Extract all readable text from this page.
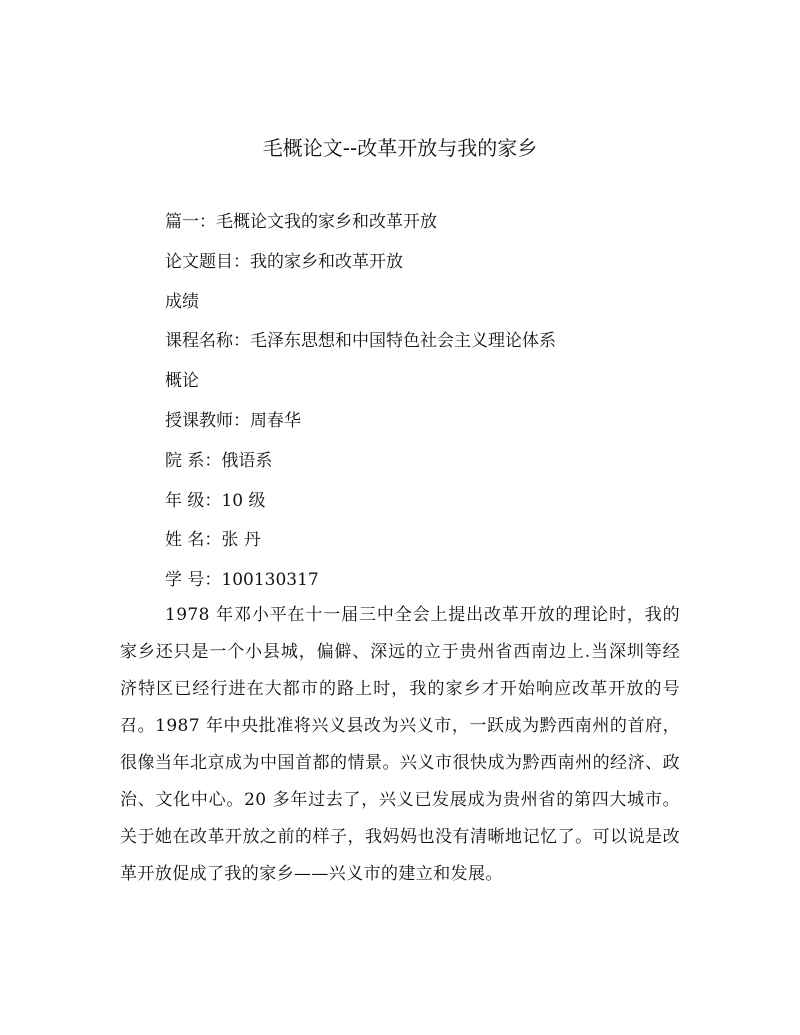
毛概论文--改革开放与我的家乡
篇一：毛概论文我的家乡和改革开放
论文题目：我的家乡和改革开放
成绩
课程名称：毛泽东思想和中国特色社会主义理论体系
概论
授课教师：周春华
院 系：俄语系
年 级：10 级
姓 名：张 丹
学 号：100130317

1978 年邓小平在十一届三中全会上提出改革开放的理论时，我的家乡还只是一个小县城，偏僻、深远的立于贵州省西南边上.当深圳等经济特区已经行进在大都市的路上时，我的家乡才开始响应改革开放的号召。1987 年中央批准将兴义县改为兴义市，一跃成为黔西南州的首府，很像当年北京成为中国首都的情景。兴义市很快成为黔西南州的经济、政治、文化中心。20 多年过去了，兴义已发展成为贵州省的第四大城市。关于她在改革开放之前的样子，我妈妈也没有清晰地记忆了。可以说是改革开放促成了我的家乡——兴义市的建立和发展。
